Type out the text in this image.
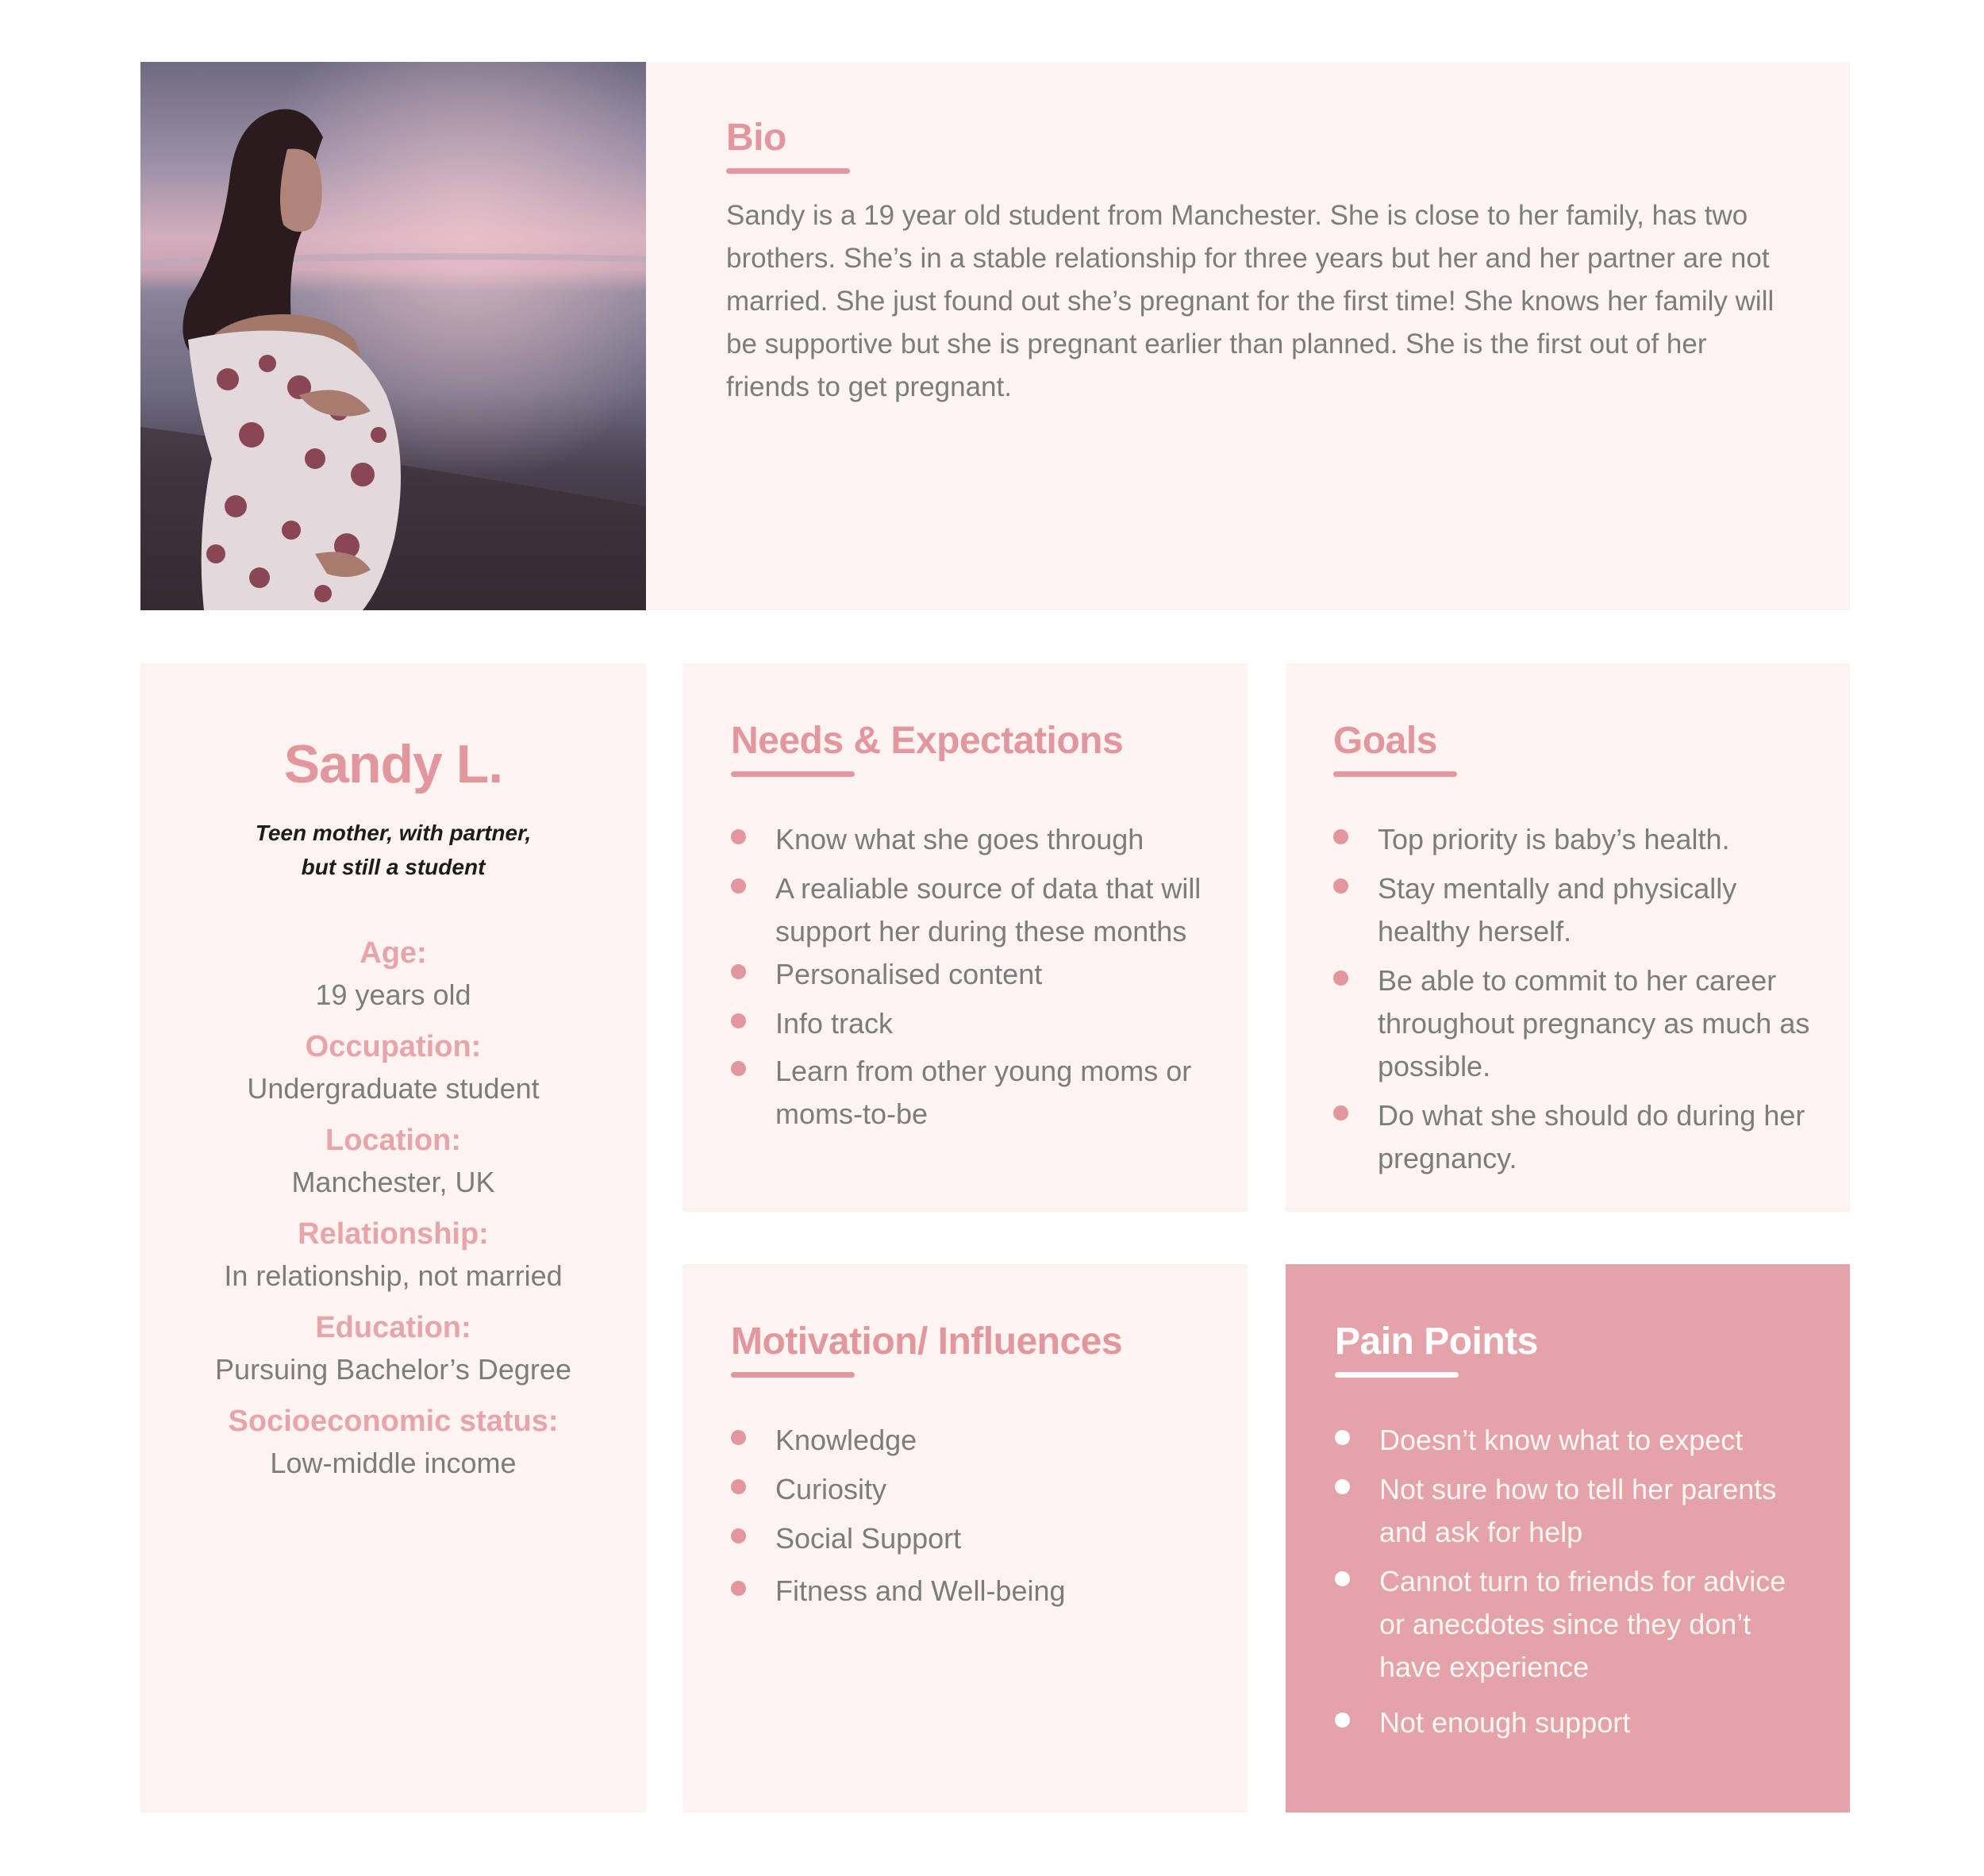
Bio
Sandy is a 19 year old student from Manchester. She is close to her family, has two brothers. She’s in a stable relationship for three years but her and her partner are not married. She just found out she’s pregnant for the first time! She knows her family will be supportive but she is pregnant earlier than planned. She is the first out of her friends to get pregnant.
Sandy L.
Teen mother, with partner,
but still a student
Age:
19 years old
Occupation:
Undergraduate student
Location:
Manchester, UK
Relationship:
In relationship, not married
Education:
Pursuing Bachelor’s Degree
Socioeconomic status:
Low-middle income
Needs & Expectations
Know what she goes through
A realiable source of data that will support her during these months
Personalised content
Info track
Learn from other young moms or moms-to-be
Goals
Top priority is baby’s health.
Stay mentally and physically healthy herself.
Be able to commit to her career throughout pregnancy as much as possible.
Do what she should do during her pregnancy.
Motivation/ Influences
Knowledge
Curiosity
Social Support
Fitness and Well-being
Pain Points
Doesn’t know what to expect
Not sure how to tell her parents and ask for help
Cannot turn to friends for advice or anecdotes since they don’t have experience
Not enough support
